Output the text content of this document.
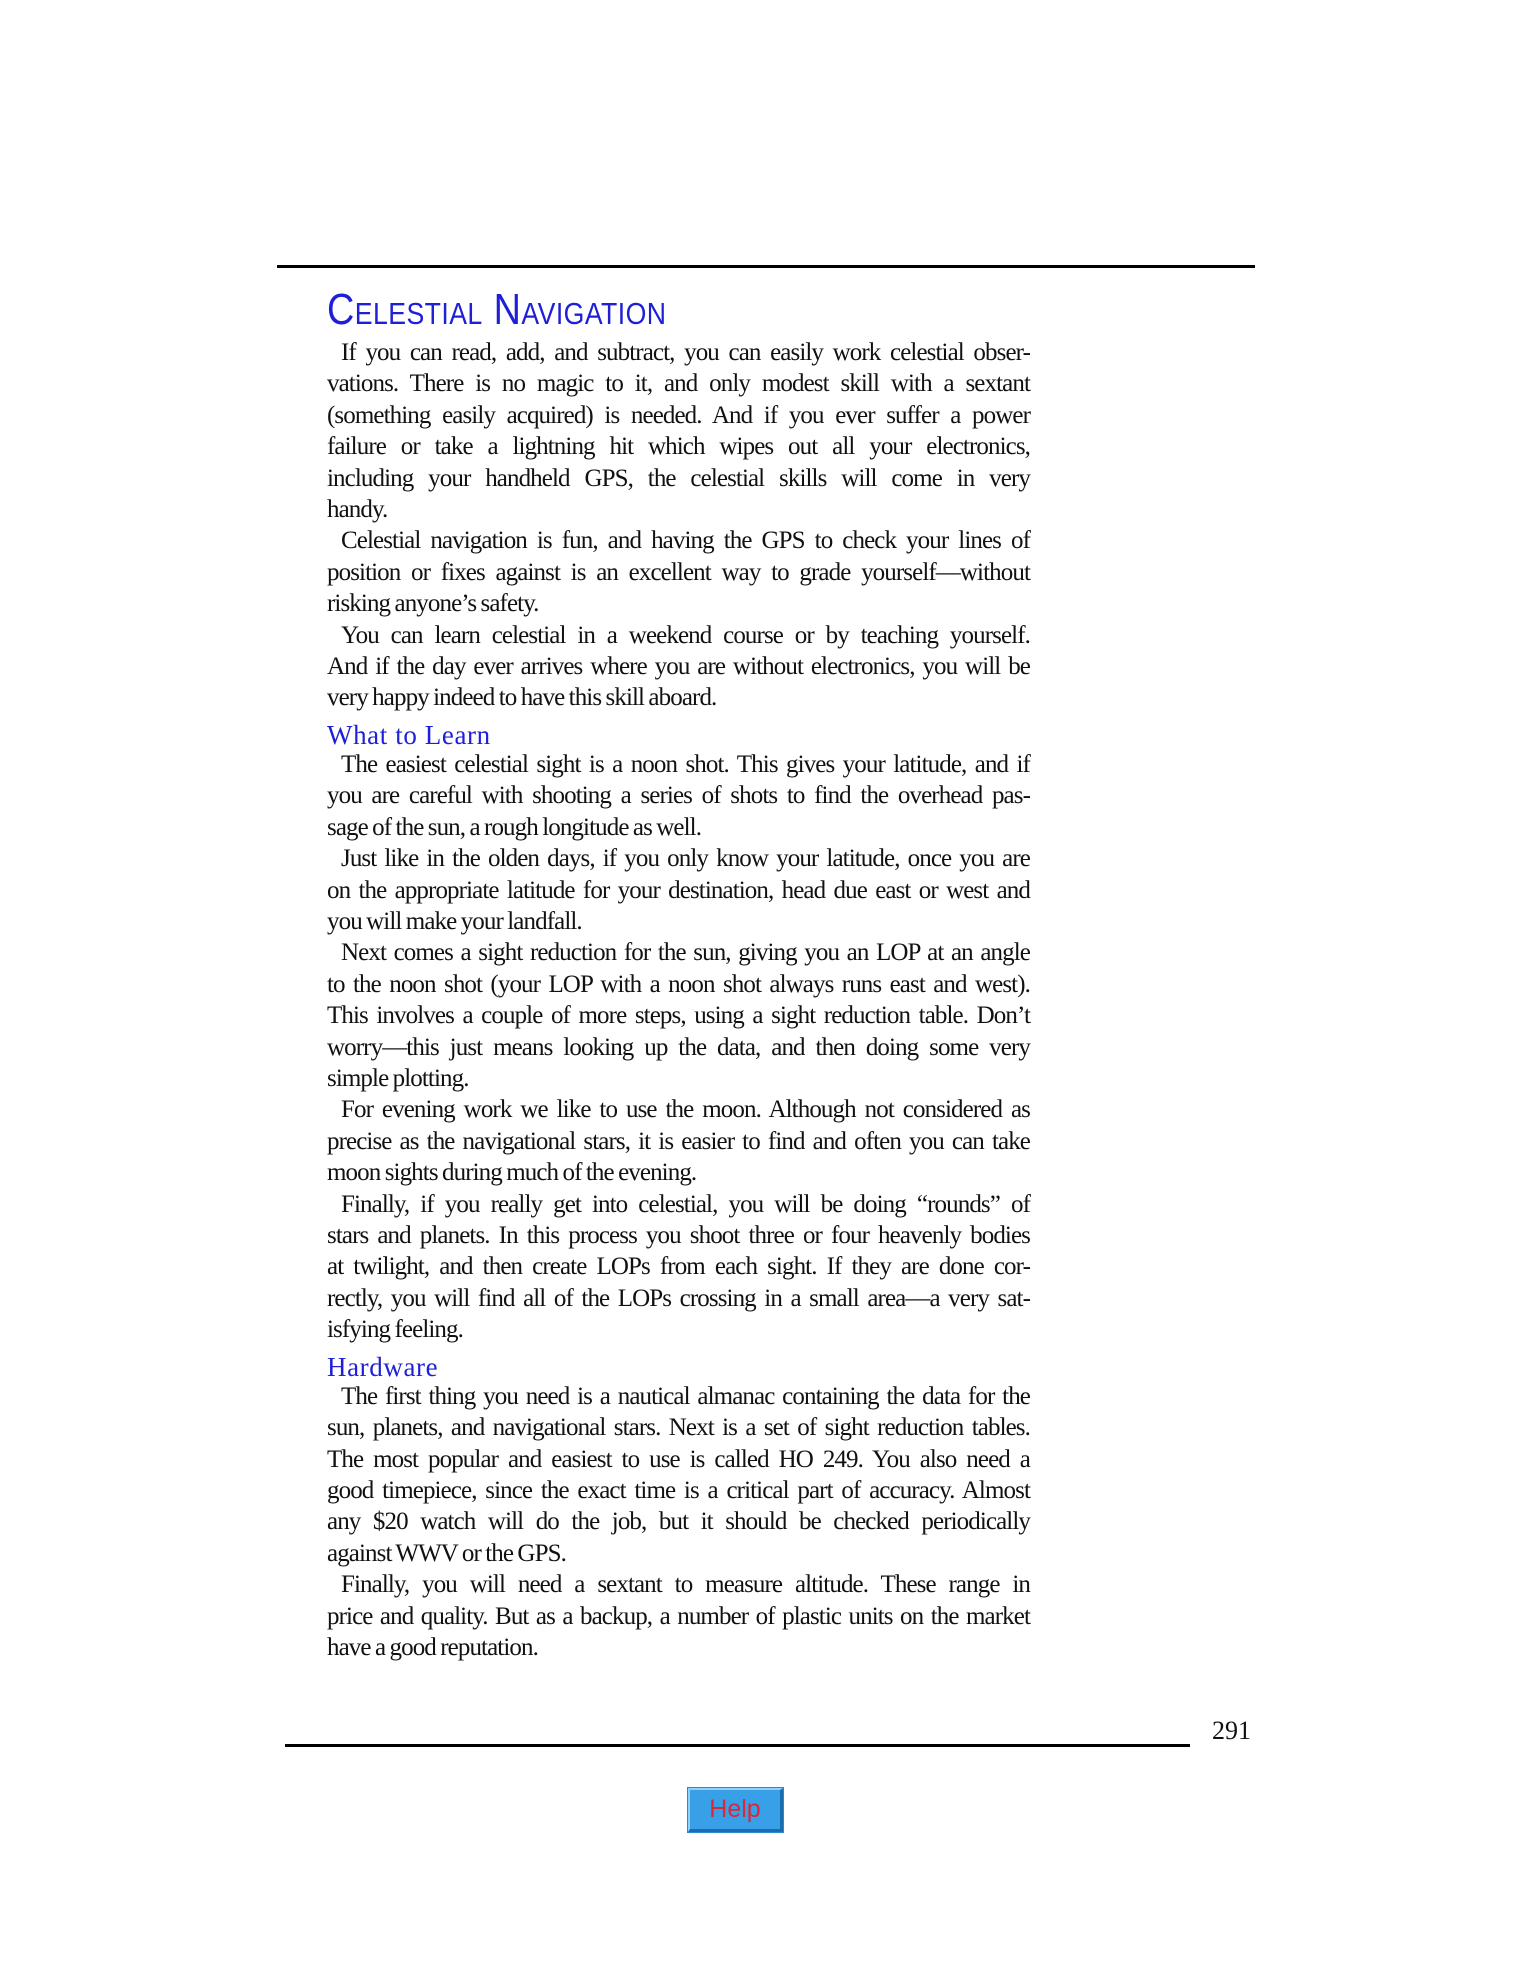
Celestial Navigation
If you can read, add, and subtract, you can easily work celestial obser-
vations. There is no magic to it, and only modest skill with a sextant
(something easily acquired) is needed. And if you ever suffer a power
failure or take a lightning hit which wipes out all your electronics,
including your handheld GPS, the celestial skills will come in very
handy.
Celestial navigation is fun, and having the GPS to check your lines of
position or fixes against is an excellent way to grade yourself—without
risking anyone’s safety.
You can learn celestial in a weekend course or by teaching yourself.
And if the day ever arrives where you are without electronics, you will be
very happy indeed to have this skill aboard.
What to Learn
The easiest celestial sight is a noon shot. This gives your latitude, and if
you are careful with shooting a series of shots to find the overhead pas-
sage of the sun, a rough longitude as well.
Just like in the olden days, if you only know your latitude, once you are
on the appropriate latitude for your destination, head due east or west and
you will make your landfall.
Next comes a sight reduction for the sun, giving you an LOP at an angle
to the noon shot (your LOP with a noon shot always runs east and west).
This involves a couple of more steps, using a sight reduction table. Don’t
worry—this just means looking up the data, and then doing some very
simple plotting.
For evening work we like to use the moon. Although not considered as
precise as the navigational stars, it is easier to find and often you can take
moon sights during much of the evening.
Finally, if you really get into celestial, you will be doing “rounds” of
stars and planets. In this process you shoot three or four heavenly bodies
at twilight, and then create LOPs from each sight. If they are done cor-
rectly, you will find all of the LOPs crossing in a small area—a very sat-
isfying feeling.
Hardware
The first thing you need is a nautical almanac containing the data for the
sun, planets, and navigational stars. Next is a set of sight reduction tables.
The most popular and easiest to use is called HO 249. You also need a
good timepiece, since the exact time is a critical part of accuracy. Almost
any $20 watch will do the job, but it should be checked periodically
against WWV or the GPS.
Finally, you will need a sextant to measure altitude. These range in
price and quality. But as a backup, a number of plastic units on the market
have a good reputation.
291
Help
